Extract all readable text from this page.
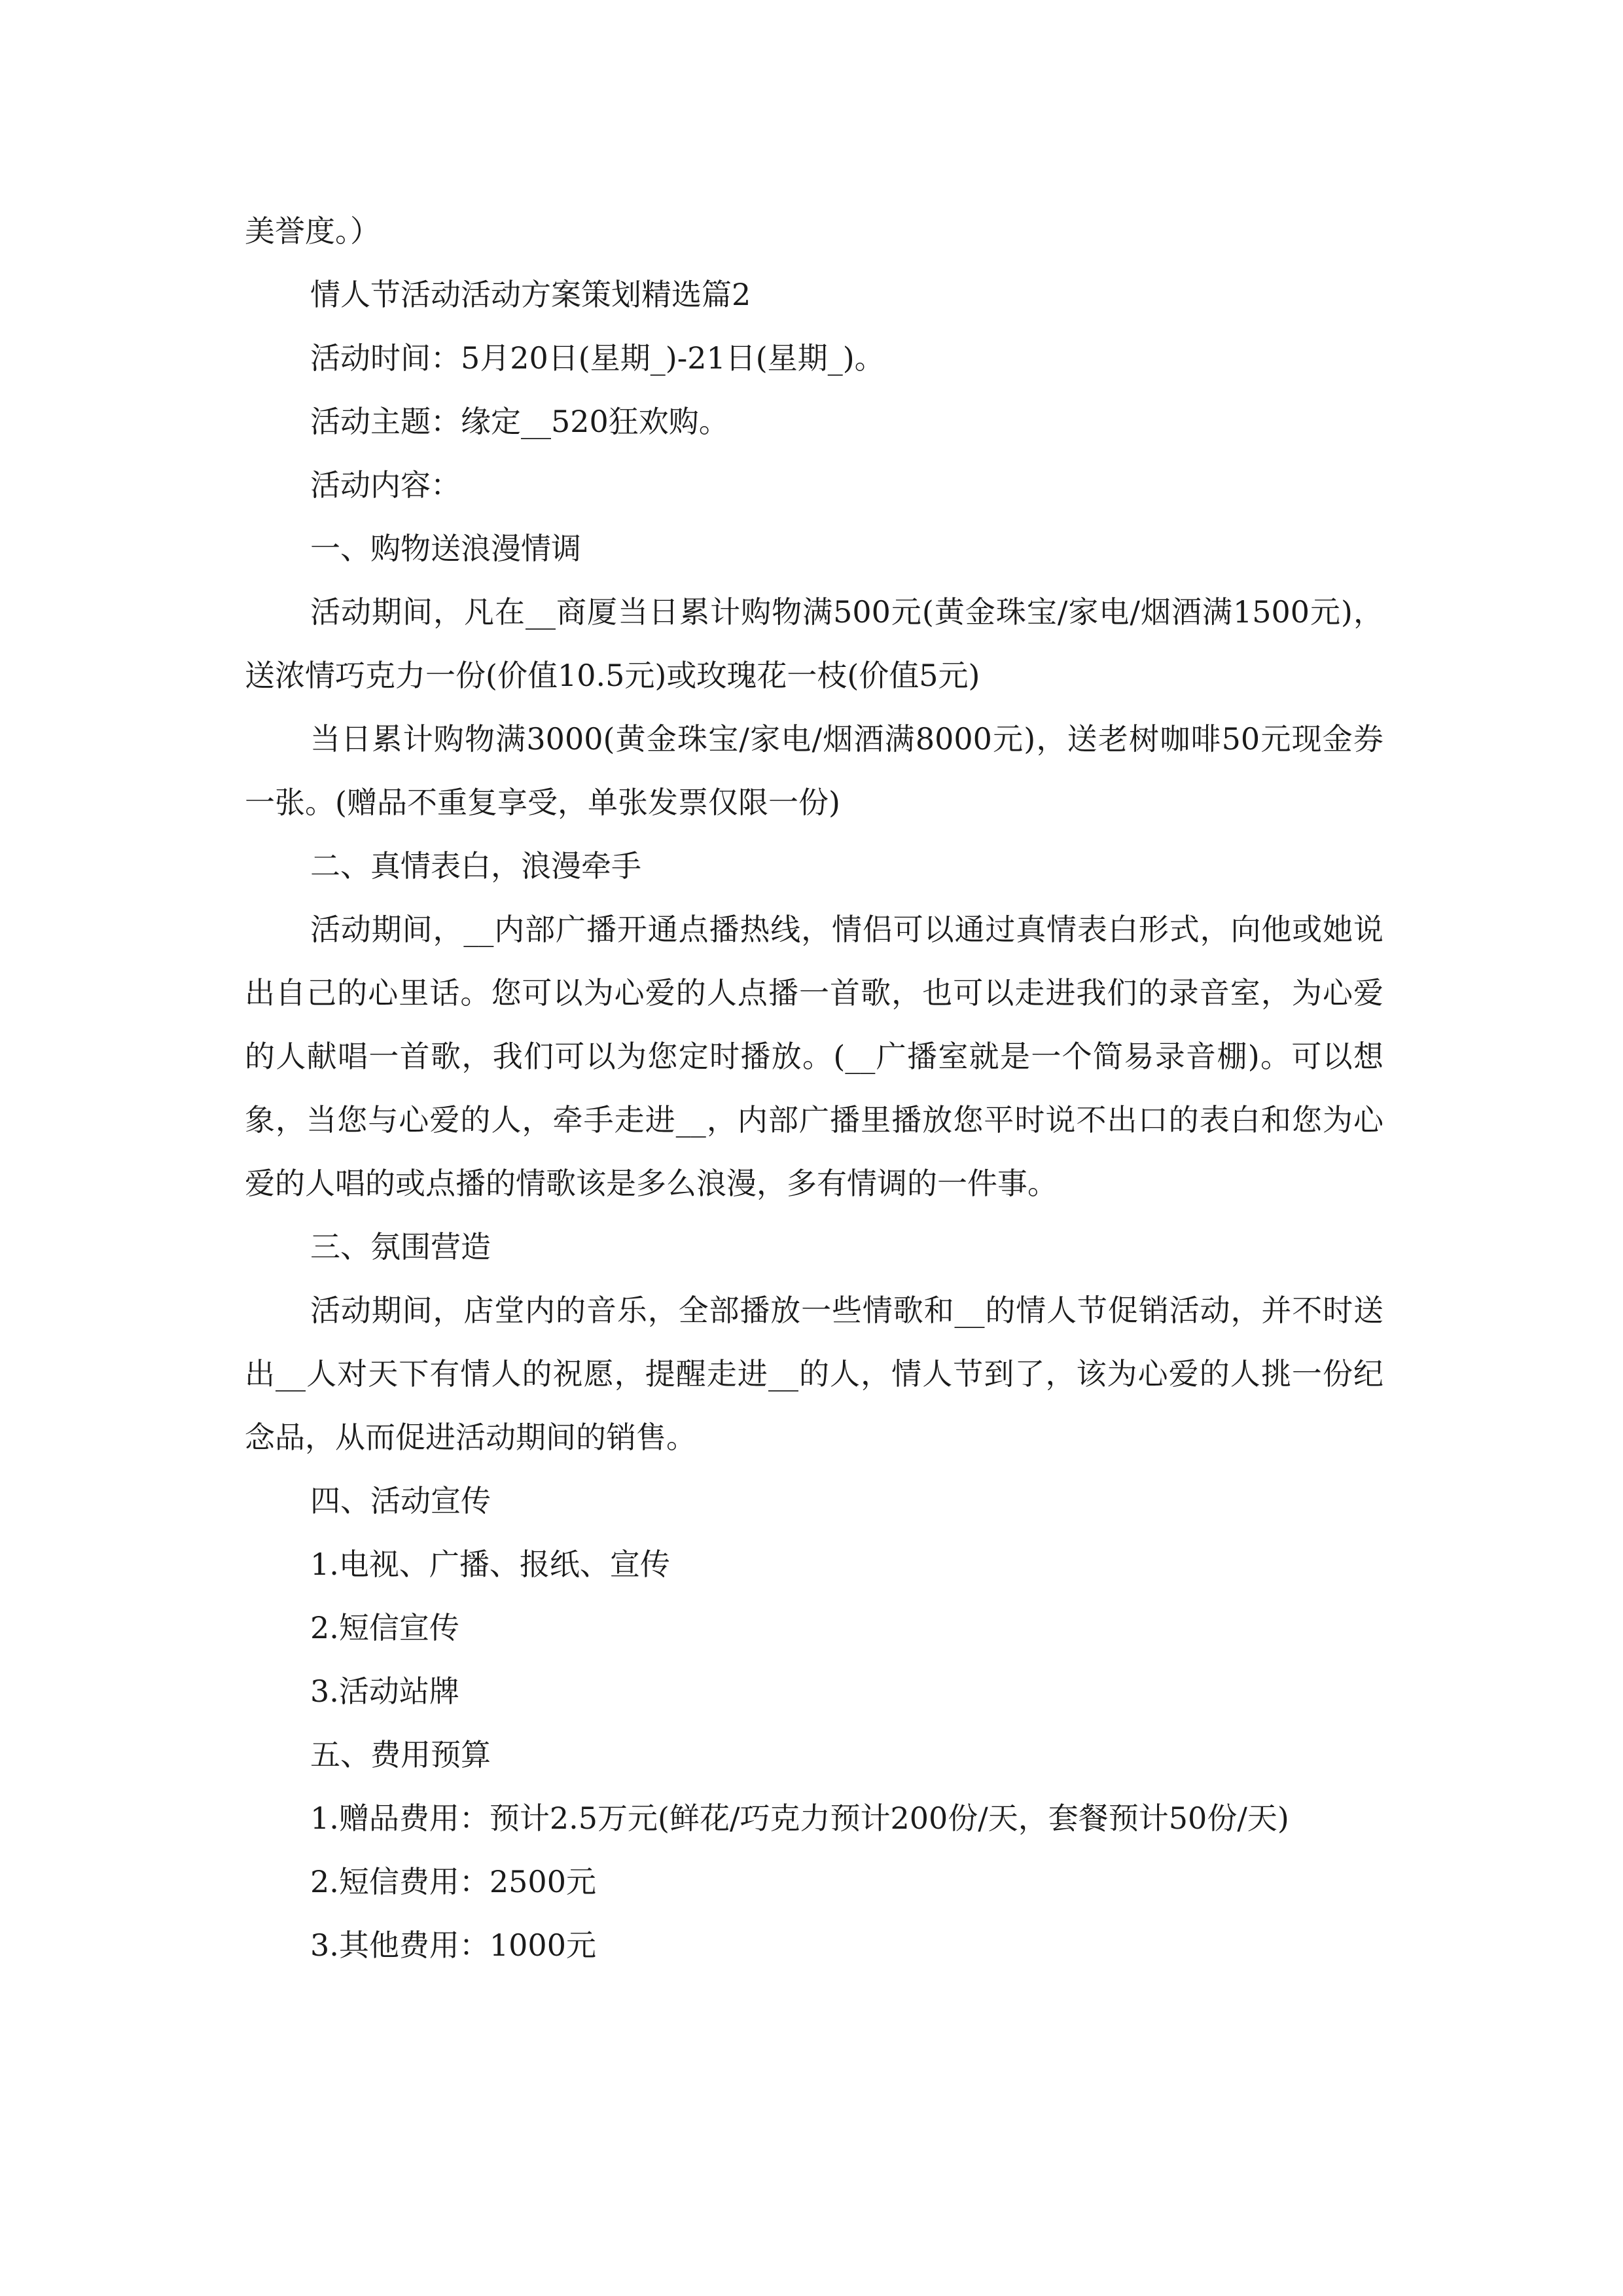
美誉度。）

情人节活动活动方案策划精选篇2

活动时间：5月20日(星期_)-21日(星期_)。

活动主题：缘定__520狂欢购。

活动内容：

一、购物送浪漫情调

活动期间，凡在__商厦当日累计购物满500元(黄金珠宝/家电/烟酒满1500元)，送浓情巧克力一份(价值10.5元)或玫瑰花一枝(价值5元)

当日累计购物满3000(黄金珠宝/家电/烟酒满8000元)，送老树咖啡50元现金券一张。(赠品不重复享受，单张发票仅限一份)

二、真情表白，浪漫牵手

活动期间，__内部广播开通点播热线，情侣可以通过真情表白形式，向他或她说出自己的心里话。您可以为心爱的人点播一首歌，也可以走进我们的录音室，为心爱的人献唱一首歌，我们可以为您定时播放。(__广播室就是一个简易录音棚)。可以想象，当您与心爱的人，牵手走进__，内部广播里播放您平时说不出口的表白和您为心爱的人唱的或点播的情歌该是多么浪漫，多有情调的一件事。

三、氛围营造

活动期间，店堂内的音乐，全部播放一些情歌和__的情人节促销活动，并不时送出__人对天下有情人的祝愿，提醒走进__的人，情人节到了，该为心爱的人挑一份纪念品，从而促进活动期间的销售。

四、活动宣传

1.电视、广播、报纸、宣传

2.短信宣传

3.活动站牌

五、费用预算

1.赠品费用：预计2.5万元(鲜花/巧克力预计200份/天，套餐预计50份/天)

2.短信费用：2500元

3.其他费用：1000元
